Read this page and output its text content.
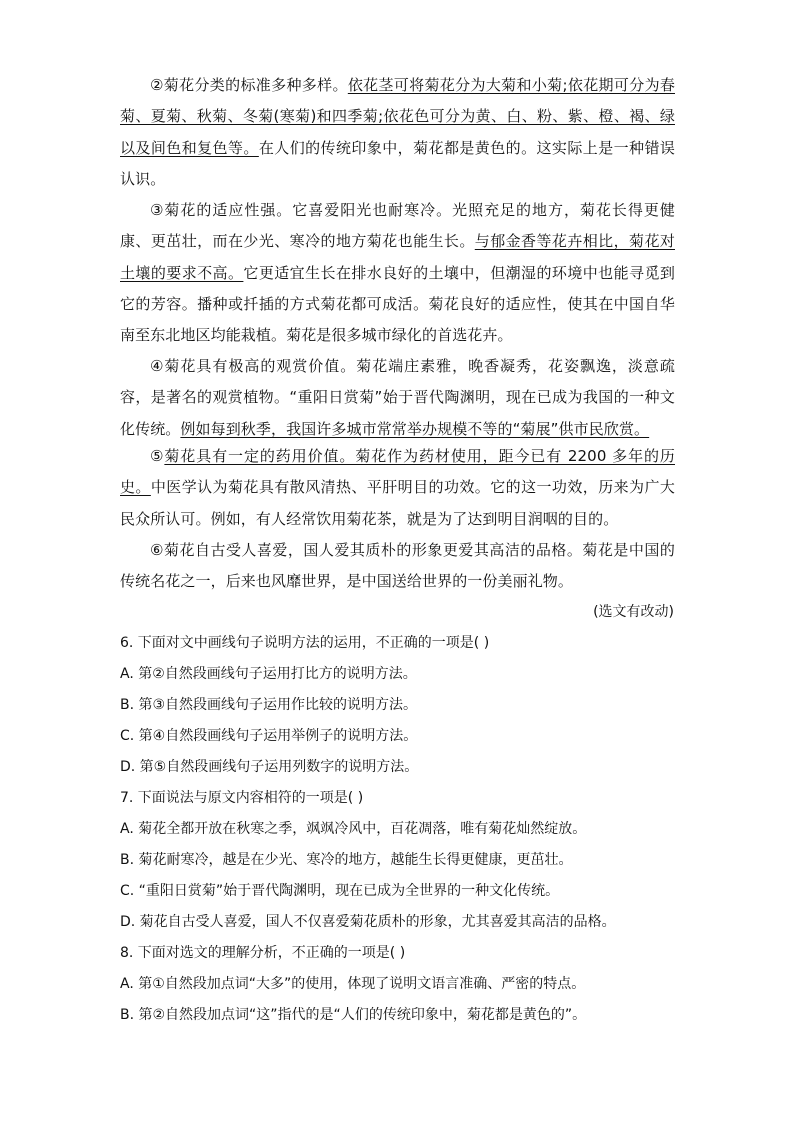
②菊花分类的标准多种多样。依花茎可将菊花分为大菊和小菊;依花期可分为春菊、夏菊、秋菊、冬菊(寒菊)和四季菊;依花色可分为黄、白、粉、紫、橙、褐、绿以及间色和复色等。在人们的传统印象中，菊花都是黄色的。这实际上是一种错误认识。
③菊花的适应性强。它喜爱阳光也耐寒冷。光照充足的地方，菊花长得更健康、更茁壮，而在少光、寒冷的地方菊花也能生长。与郁金香等花卉相比，菊花对土壤的要求不高。它更适宜生长在排水良好的土壤中，但潮湿的环境中也能寻觅到它的芳容。播种或扦插的方式菊花都可成活。菊花良好的适应性，使其在中国自华南至东北地区均能栽植。菊花是很多城市绿化的首选花卉。
④菊花具有极高的观赏价值。菊花端庄素雅，晚香凝秀，花姿飘逸，淡意疏容，是著名的观赏植物。“重阳日赏菊”始于晋代陶渊明，现在已成为我国的一种文化传统。例如每到秋季，我国许多城市常常举办规模不等的“菊展”供市民欣赏。
⑤菊花具有一定的药用价值。菊花作为药材使用，距今已有 2200 多年的历史。中医学认为菊花具有散风清热、平肝明目的功效。它的这一功效，历来为广大民众所认可。例如，有人经常饮用菊花茶，就是为了达到明目润咽的目的。
⑥菊花自古受人喜爱，国人爱其质朴的形象更爱其高洁的品格。菊花是中国的传统名花之一，后来也风靡世界，是中国送给世界的一份美丽礼物。
(选文有改动)
6. 下面对文中画线句子说明方法的运用，不正确的一项是( )
A. 第②自然段画线句子运用打比方的说明方法。
B. 第③自然段画线句子运用作比较的说明方法。
C. 第④自然段画线句子运用举例子的说明方法。
D. 第⑤自然段画线句子运用列数字的说明方法。
7. 下面说法与原文内容相符的一项是( )
A. 菊花全都开放在秋寒之季，飒飒冷风中，百花凋落，唯有菊花灿然绽放。
B. 菊花耐寒冷，越是在少光、寒冷的地方，越能生长得更健康，更茁壮。
C. “重阳日赏菊”始于晋代陶渊明，现在已成为全世界的一种文化传统。
D. 菊花自古受人喜爱，国人不仅喜爱菊花质朴的形象，尤其喜爱其高洁的品格。
8. 下面对选文的理解分析，不正确的一项是( )
A. 第①自然段加点词“大多”的使用，体现了说明文语言准确、严密的特点。
B. 第②自然段加点词“这”指代的是“人们的传统印象中，菊花都是黄色的”。
